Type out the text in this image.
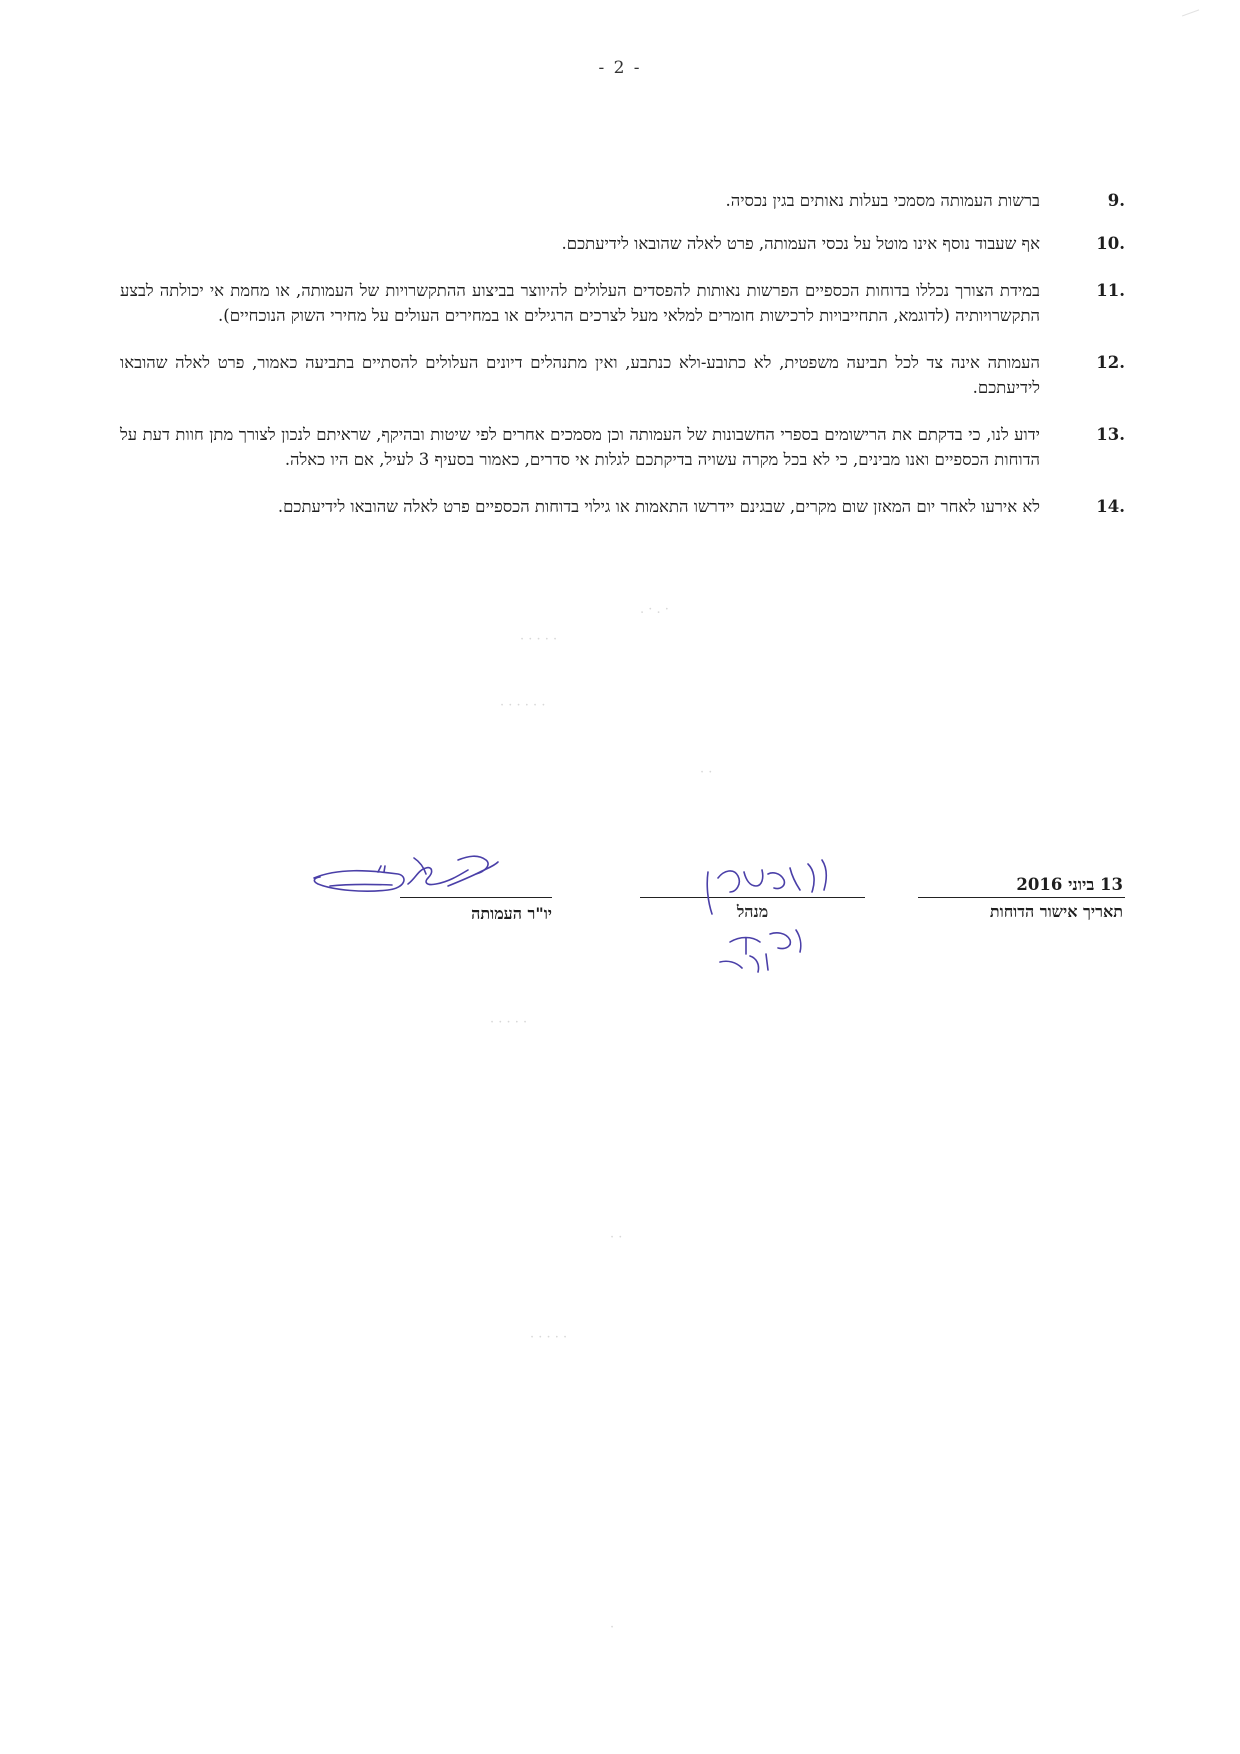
- 2 -
.9
ברשות העמותה מסמכי בעלות נאותים בגין נכסיה.
.10
אף שעבוד נוסף אינו מוטל על נכסי העמותה, פרט לאלה שהובאו לידיעתכם.
.11
במידת הצורך נכללו בדוחות הכספיים הפרשות נאותות להפסדים העלולים להיווצר בביצוע ההתקשרויות של העמותה, או מחמת אי יכולתה לבצע התקשרויותיה (לדוגמא, התחייבויות לרכישות חומרים למלאי מעל לצרכים הרגילים או במחירים העולים על מחירי השוק הנוכחיים).
.12
העמותה אינה צד לכל תביעה משפטית, לא כתובע-ולא כנתבע, ואין מתנהלים דיונים העלולים להסתיים בתביעה כאמור, פרט לאלה שהובאו לידיעתכם.
.13
ידוע לנו, כי בדקתם את הרישומים בספרי החשבונות של העמותה וכן מסמכים אחרים לפי שיטות ובהיקף, שראיתם לנכון לצורך מתן חוות דעת על הדוחות הכספיים ואנו מבינים, כי לא בכל מקרה עשויה בדיקתכם לגלות אי סדרים, כאמור בסעיף 3 לעיל, אם היו כאלה.
.14
לא אירעו לאחר יום המאזן שום מקרים, שבגינם יידרשו התאמות או גילוי בדוחות הכספיים פרט לאלה שהובאו לידיעתכם.
. · . ·
· · · · ·
· · · · · ·
· ·
· · · · ·
· ·
· · · · ·
·
13 ביוני 2016
תאריך אישור הדוחות
מנהל
יו"ר העמותה
